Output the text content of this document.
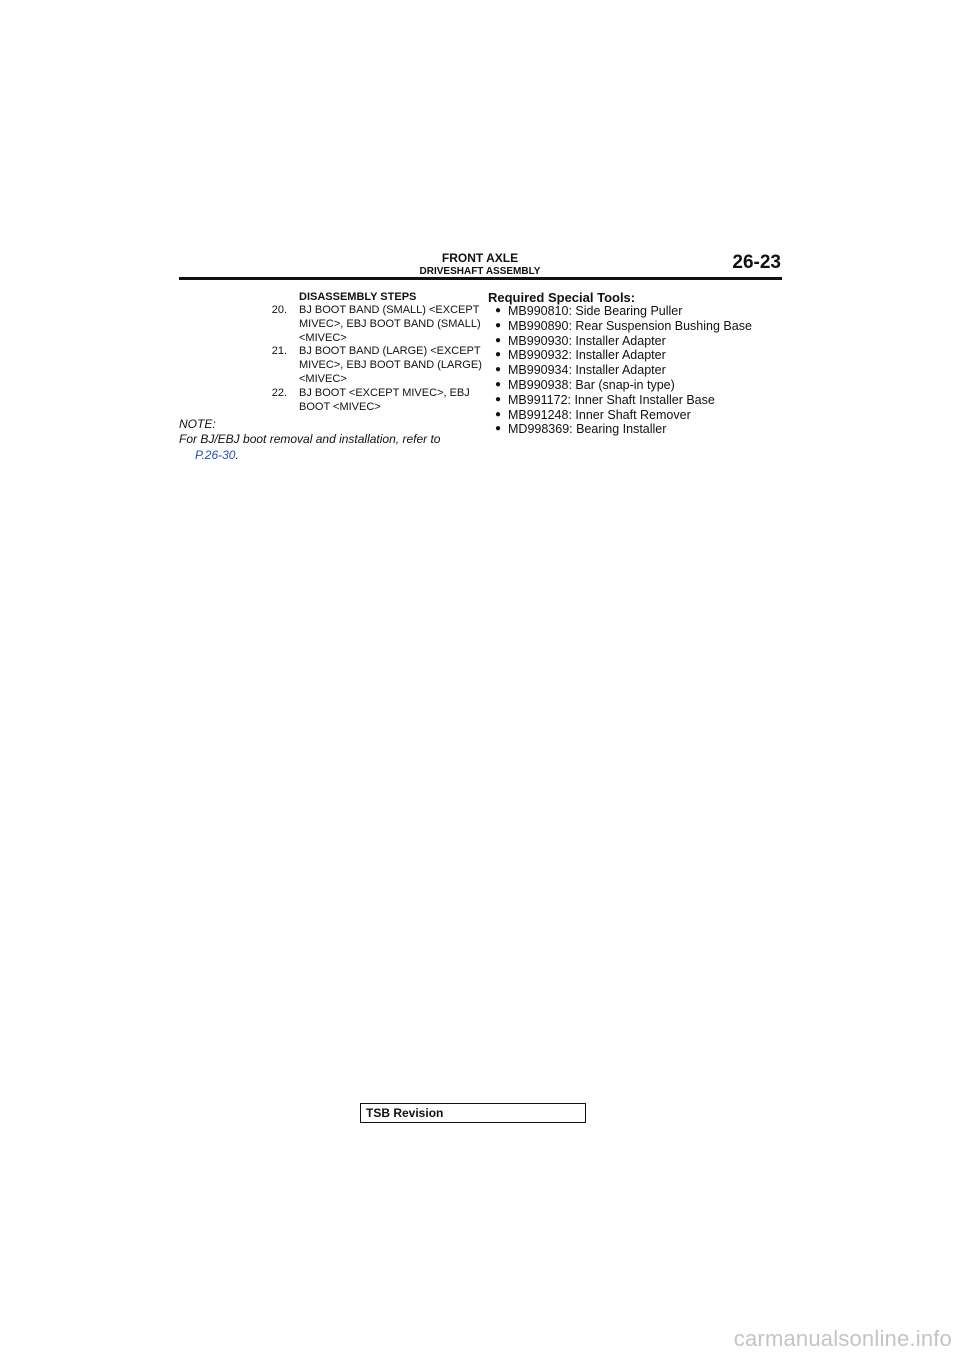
FRONT AXLE
DRIVESHAFT ASSEMBLY	26-23
DISASSEMBLY STEPS
20.	BJ BOOT BAND (SMALL) <EXCEPT MIVEC>, EBJ BOOT BAND (SMALL) <MIVEC>
21.	BJ BOOT BAND (LARGE) <EXCEPT MIVEC>, EBJ BOOT BAND (LARGE) <MIVEC>
22.	BJ BOOT <EXCEPT MIVEC>, EBJ BOOT <MIVEC>
NOTE:
For BJ/EBJ boot removal and installation, refer to
P.26-30.
Required Special Tools:
● MB990810: Side Bearing Puller
● MB990890: Rear Suspension Bushing Base
● MB990930: Installer Adapter
● MB990932: Installer Adapter
● MB990934: Installer Adapter
● MB990938: Bar (snap-in type)
● MB991172: Inner Shaft Installer Base
● MB991248: Inner Shaft Remover
● MD998369: Bearing Installer
TSB Revision
carmanualsonline.info
